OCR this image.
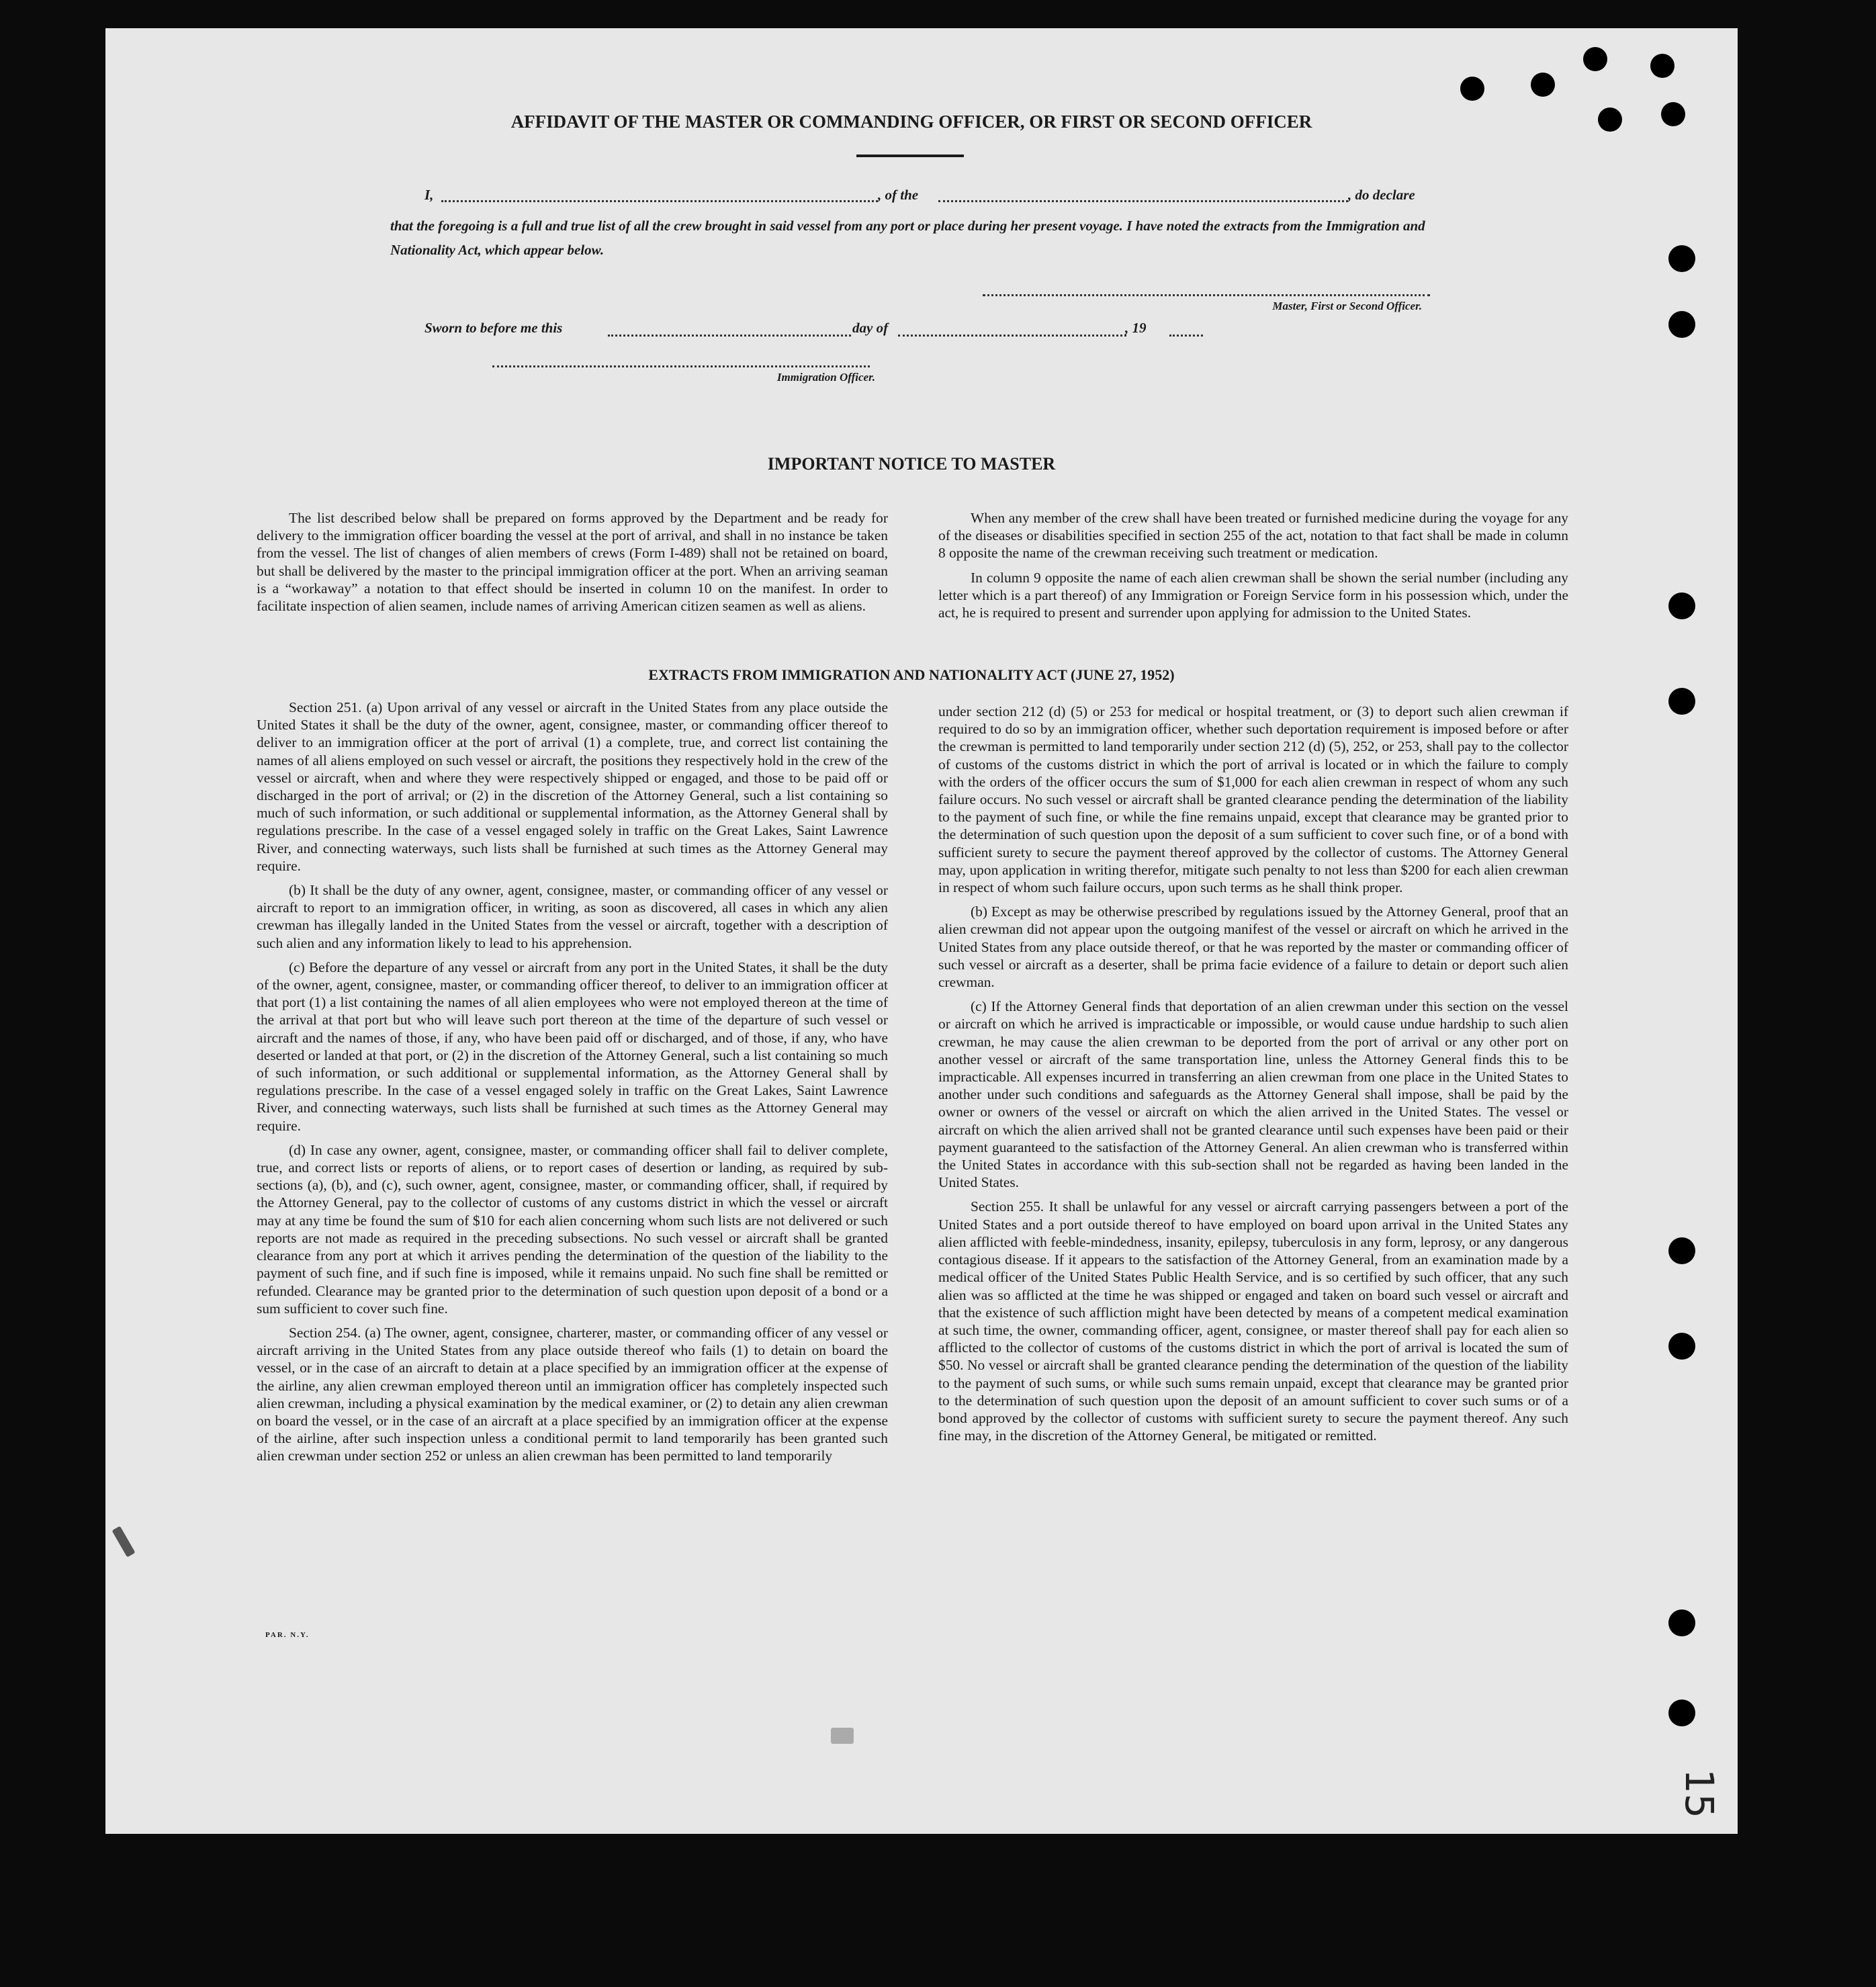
AFFIDAVIT OF THE MASTER OR COMMANDING OFFICER, OR FIRST OR SECOND OFFICER
I,	, of the	, do declare
that the foregoing is a full and true list of all the crew brought in said vessel from any port or place during her present voyage. I have noted the extracts from the Immigration and Nationality Act, which appear below.
Master, First or Second Officer.
Sworn to before me this	day of	, 19
Immigration Officer.
IMPORTANT NOTICE TO MASTER

The list described below shall be prepared on forms approved by the Department and be ready for delivery to the immigration officer boarding the vessel at the port of arrival, and shall in no instance be taken from the vessel. The list of changes of alien members of crews (Form I-489) shall not be retained on board, but shall be delivered by the master to the principal immigration officer at the port. When an arriving seaman is a “workaway” a notation to that effect should be inserted in column 10 on the manifest. In order to facilitate inspection of alien seamen, include names of arriving American citizen seamen as well as aliens.

When any member of the crew shall have been treated or furnished medicine during the voyage for any of the diseases or disabilities specified in section 255 of the act, notation to that fact shall be made in column 8 opposite the name of the crewman receiving such treatment or medication.

In column 9 opposite the name of each alien crewman shall be shown the serial number (including any letter which is a part thereof) of any Immigration or Foreign Service form in his possession which, under the act, he is required to present and surrender upon applying for admission to the United States.

EXTRACTS FROM IMMIGRATION AND NATIONALITY ACT (JUNE 27, 1952)

Section 251. (a) Upon arrival of any vessel or aircraft in the United States from any place outside the United States it shall be the duty of the owner, agent, consignee, master, or commanding officer thereof to deliver to an immigration officer at the port of arrival (1) a complete, true, and correct list containing the names of all aliens employed on such vessel or aircraft, the positions they respectively hold in the crew of the vessel or aircraft, when and where they were respectively shipped or engaged, and those to be paid off or discharged in the port of arrival; or (2) in the discretion of the Attorney General, such a list containing so much of such information, or such additional or supplemental information, as the Attorney General shall by regulations prescribe. In the case of a vessel engaged solely in traffic on the Great Lakes, Saint Lawrence River, and connecting waterways, such lists shall be furnished at such times as the Attorney General may require.

(b) It shall be the duty of any owner, agent, consignee, master, or commanding officer of any vessel or aircraft to report to an immigration officer, in writing, as soon as discovered, all cases in which any alien crewman has illegally landed in the United States from the vessel or aircraft, together with a description of such alien and any information likely to lead to his apprehension.

(c) Before the departure of any vessel or aircraft from any port in the United States, it shall be the duty of the owner, agent, consignee, master, or commanding officer thereof, to deliver to an immigration officer at that port (1) a list containing the names of all alien employees who were not employed thereon at the time of the arrival at that port but who will leave such port thereon at the time of the departure of such vessel or aircraft and the names of those, if any, who have been paid off or discharged, and of those, if any, who have deserted or landed at that port, or (2) in the discretion of the Attorney General, such a list containing so much of such information, or such additional or supplemental information, as the Attorney General shall by regulations prescribe. In the case of a vessel engaged solely in traffic on the Great Lakes, Saint Lawrence River, and connecting waterways, such lists shall be furnished at such times as the Attorney General may require.

(d) In case any owner, agent, consignee, master, or commanding officer shall fail to deliver complete, true, and correct lists or reports of aliens, or to report cases of desertion or landing, as required by sub-sections (a), (b), and (c), such owner, agent, consignee, master, or commanding officer, shall, if required by the Attorney General, pay to the collector of customs of any customs district in which the vessel or aircraft may at any time be found the sum of $10 for each alien concerning whom such lists are not delivered or such reports are not made as required in the preceding subsections. No such vessel or aircraft shall be granted clearance from any port at which it arrives pending the determination of the question of the liability to the payment of such fine, and if such fine is imposed, while it remains unpaid. No such fine shall be remitted or refunded. Clearance may be granted prior to the determination of such question upon deposit of a bond or a sum sufficient to cover such fine.

Section 254. (a) The owner, agent, consignee, charterer, master, or commanding officer of any vessel or aircraft arriving in the United States from any place outside thereof who fails (1) to detain on board the vessel, or in the case of an aircraft to detain at a place specified by an immigration officer at the expense of the airline, any alien crewman employed thereon until an immigration officer has completely inspected such alien crewman, including a physical examination by the medical examiner, or (2) to detain any alien crewman on board the vessel, or in the case of an aircraft at a place specified by an immigration officer at the expense of the airline, after such inspection unless a conditional permit to land temporarily has been granted such alien crewman under section 252 or unless an alien crewman has been permitted to land temporarily

under section 212 (d) (5) or 253 for medical or hospital treatment, or (3) to deport such alien crewman if required to do so by an immigration officer, whether such deportation requirement is imposed before or after the crewman is permitted to land temporarily under section 212 (d) (5), 252, or 253, shall pay to the collector of customs of the customs district in which the port of arrival is located or in which the failure to comply with the orders of the officer occurs the sum of $1,000 for each alien crewman in respect of whom any such failure occurs. No such vessel or aircraft shall be granted clearance pending the determination of the liability to the payment of such fine, or while the fine remains unpaid, except that clearance may be granted prior to the determination of such question upon the deposit of a sum sufficient to cover such fine, or of a bond with sufficient surety to secure the payment thereof approved by the collector of customs. The Attorney General may, upon application in writing therefor, mitigate such penalty to not less than $200 for each alien crewman in respect of whom such failure occurs, upon such terms as he shall think proper.

(b) Except as may be otherwise prescribed by regulations issued by the Attorney General, proof that an alien crewman did not appear upon the outgoing manifest of the vessel or aircraft on which he arrived in the United States from any place outside thereof, or that he was reported by the master or commanding officer of such vessel or aircraft as a deserter, shall be prima facie evidence of a failure to detain or deport such alien crewman.

(c) If the Attorney General finds that deportation of an alien crewman under this section on the vessel or aircraft on which he arrived is impracticable or impossible, or would cause undue hardship to such alien crewman, he may cause the alien crewman to be deported from the port of arrival or any other port on another vessel or aircraft of the same transportation line, unless the Attorney General finds this to be impracticable. All expenses incurred in transferring an alien crewman from one place in the United States to another under such conditions and safeguards as the Attorney General shall impose, shall be paid by the owner or owners of the vessel or aircraft on which the alien arrived in the United States. The vessel or aircraft on which the alien arrived shall not be granted clearance until such expenses have been paid or their payment guaranteed to the satisfaction of the Attorney General. An alien crewman who is transferred within the United States in accordance with this sub-section shall not be regarded as having been landed in the United States.

Section 255. It shall be unlawful for any vessel or aircraft carrying passengers between a port of the United States and a port outside thereof to have employed on board upon arrival in the United States any alien afflicted with feeble-mindedness, insanity, epilepsy, tuberculosis in any form, leprosy, or any dangerous contagious disease. If it appears to the satisfaction of the Attorney General, from an examination made by a medical officer of the United States Public Health Service, and is so certified by such officer, that any such alien was so afflicted at the time he was shipped or engaged and taken on board such vessel or aircraft and that the existence of such affliction might have been detected by means of a competent medical examination at such time, the owner, commanding officer, agent, consignee, or master thereof shall pay for each alien so afflicted to the collector of customs of the customs district in which the port of arrival is located the sum of $50. No vessel or aircraft shall be granted clearance pending the determination of the question of the liability to the payment of such sums, or while such sums remain unpaid, except that clearance may be granted prior to the determination of such question upon the deposit of an amount sufficient to cover such sums or of a bond approved by the collector of customs with sufficient surety to secure the payment thereof. Any such fine may, in the discretion of the Attorney General, be mitigated or remitted.

PAR. N.Y.
15
